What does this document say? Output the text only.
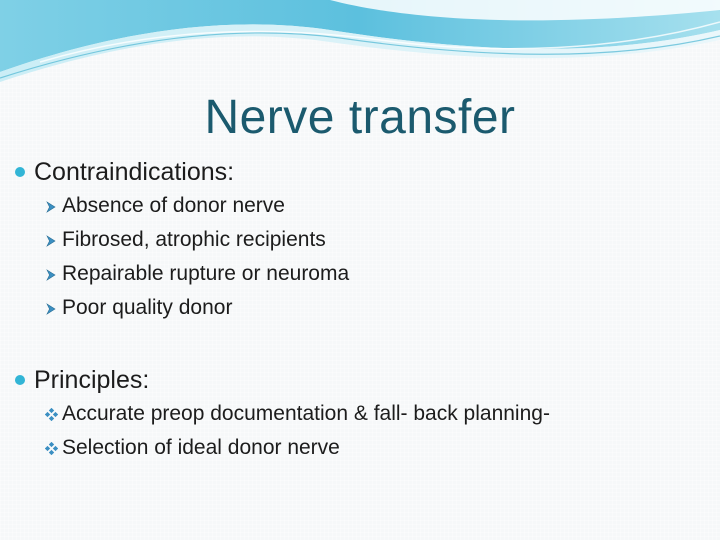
Nerve transfer
Contraindications:
Absence of donor nerve
Fibrosed, atrophic recipients
Repairable rupture or neuroma
Poor quality donor
Principles:
Accurate preop documentation & fall- back planning-
Selection of ideal donor nerve
